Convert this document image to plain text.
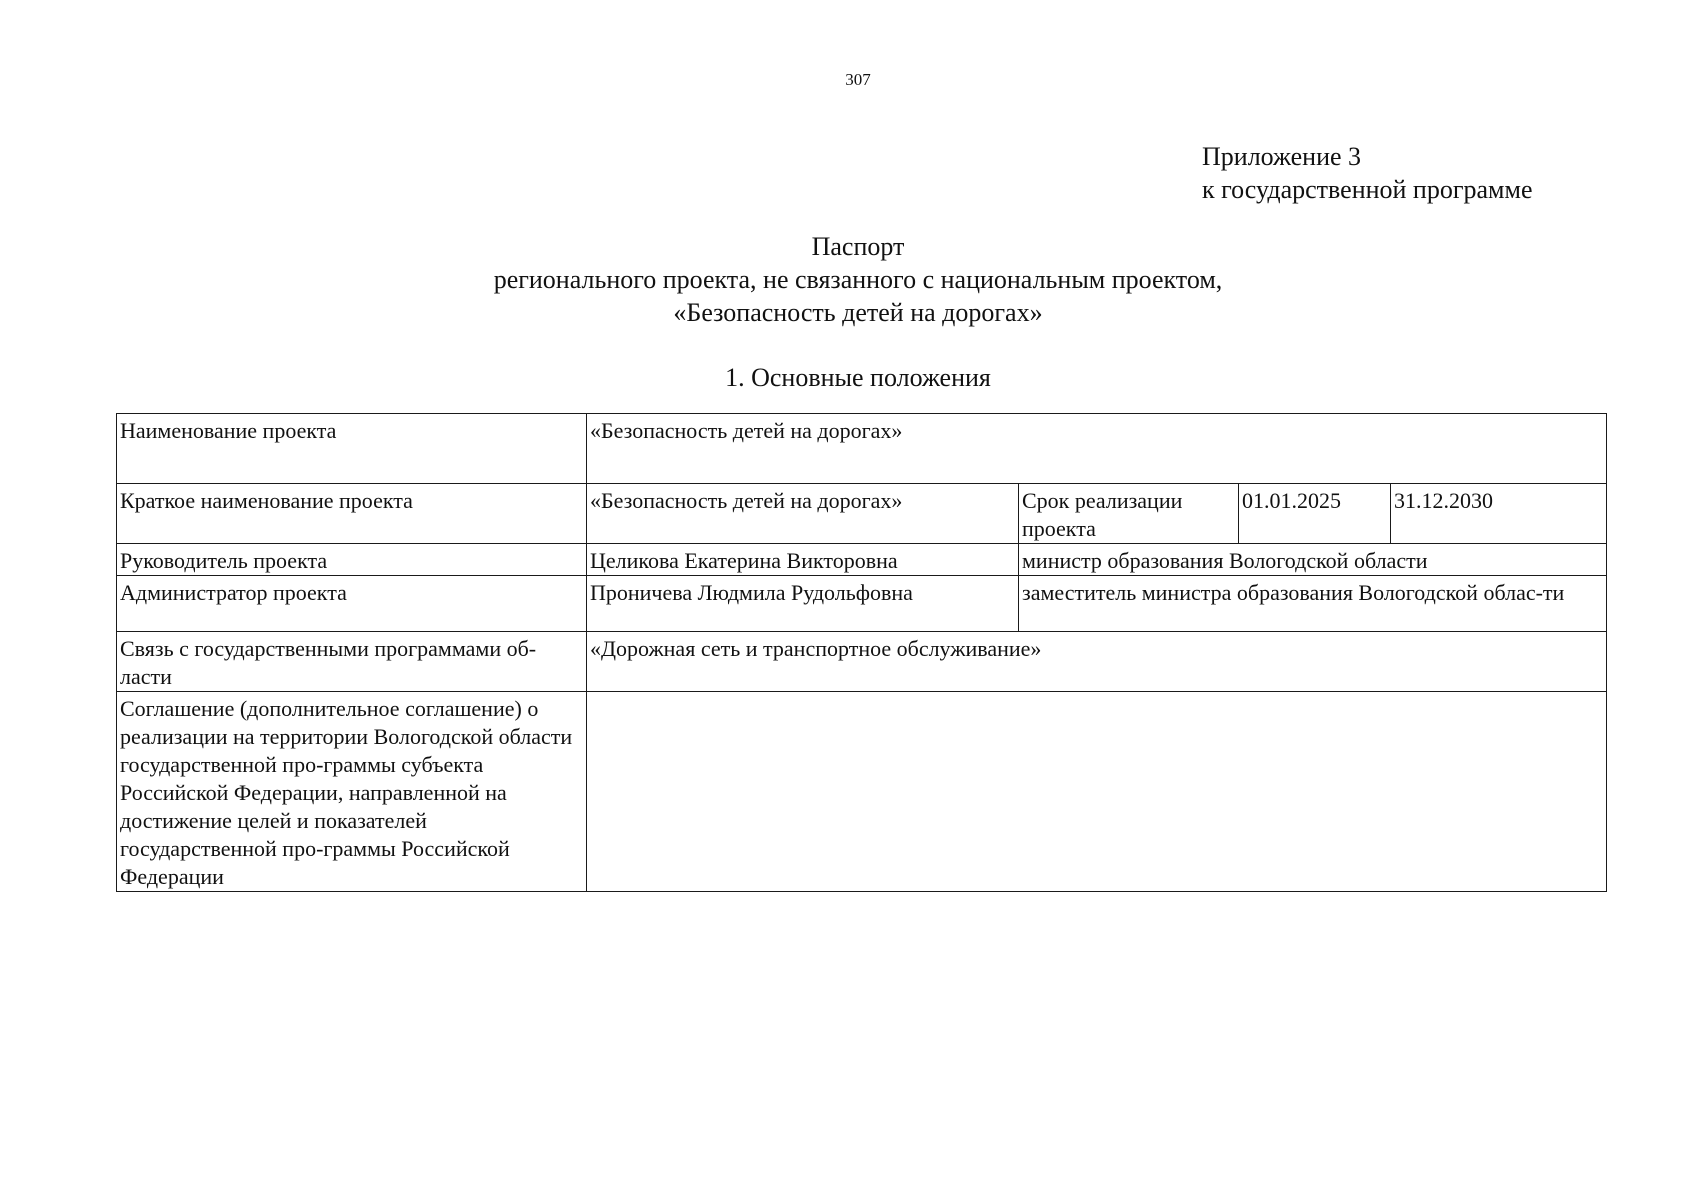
307
Приложение 3
к государственной программе
Паспорт
регионального проекта, не связанного с национальным проектом,
«Безопасность детей на дорогах»
1. Основные положения
Наименование проекта	«Безопасность детей на дорогах»			
Краткое наименование проекта	«Безопасность детей на дорогах»	Срок реализации проекта	01.01.2025	31.12.2030
Руководитель проекта	Целикова Екатерина Викторовна	министр образования Вологодской области		
Администратор проекта	Проничева Людмила Рудольфовна	заместитель министра образования Вологодской облас-ти		
Связь с государственными программами об-ласти	«Дорожная сеть и транспортное обслуживание»			
Соглашение (дополнительное соглашение) о реализации на территории Вологодской области государственной про-граммы субъекта Российской Федерации, направленной на достижение целей и показателей государственной про-граммы Российской Федерации				
